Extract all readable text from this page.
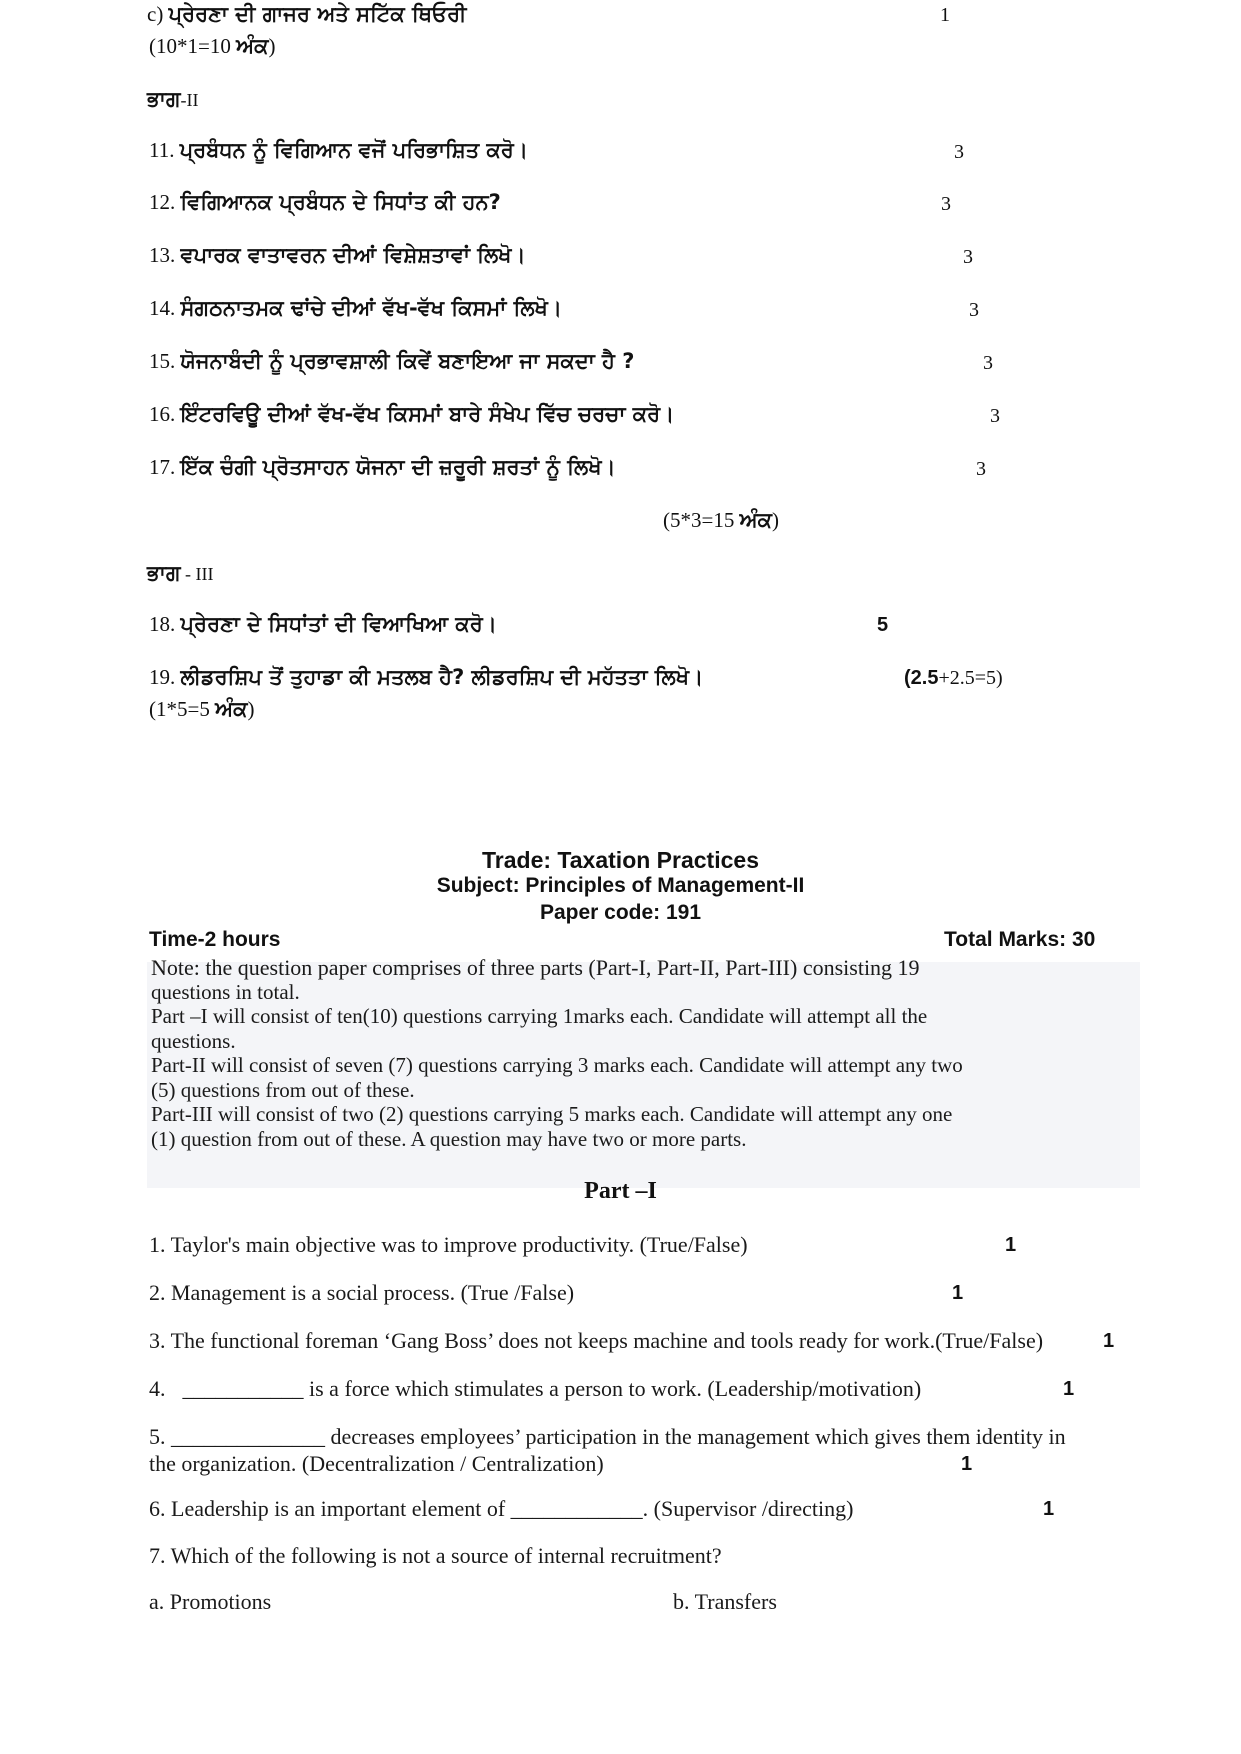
c) ਪ੍ਰੇਰਣਾ ਦੀ ਗਾਜਰ ਅਤੇ ਸਟਿੱਕ ਥਿਓਰੀ	1
(10*1=10 ਅੰਕ)
ਭਾਗ-II
11. ਪ੍ਰਬੰਧਨ ਨੂੰ ਵਿਗਿਆਨ ਵਜੋਂ ਪਰਿਭਾਸ਼ਿਤ ਕਰੋ।	3
12. ਵਿਗਿਆਨਕ ਪ੍ਰਬੰਧਨ ਦੇ ਸਿਧਾਂਤ ਕੀ ਹਨ?	3
13. ਵਪਾਰਕ ਵਾਤਾਵਰਨ ਦੀਆਂ ਵਿਸ਼ੇਸ਼ਤਾਵਾਂ ਲਿਖੋ।	3
14. ਸੰਗਠਨਾਤਮਕ ਢਾਂਚੇ ਦੀਆਂ ਵੱਖ-ਵੱਖ ਕਿਸਮਾਂ ਲਿਖੋ।	3
15. ਯੋਜਨਾਬੰਦੀ ਨੂੰ ਪ੍ਰਭਾਵਸ਼ਾਲੀ ਕਿਵੇਂ ਬਣਾਇਆ ਜਾ ਸਕਦਾ ਹੈ ?	3
16. ਇੰਟਰਵਿਊ ਦੀਆਂ ਵੱਖ-ਵੱਖ ਕਿਸਮਾਂ ਬਾਰੇ ਸੰਖੇਪ ਵਿੱਚ ਚਰਚਾ ਕਰੋ।	3
17. ਇੱਕ ਚੰਗੀ ਪ੍ਰੋਤਸਾਹਨ ਯੋਜਨਾ ਦੀ ਜ਼ਰੂਰੀ ਸ਼ਰਤਾਂ ਨੂੰ ਲਿਖੋ।	3
(5*3=15 ਅੰਕ)
ਭਾਗ - III
18. ਪ੍ਰੇਰਣਾ ਦੇ ਸਿਧਾਂਤਾਂ ਦੀ ਵਿਆਖਿਆ ਕਰੋ।	5
19. ਲੀਡਰਸ਼ਿਪ ਤੋਂ ਤੁਹਾਡਾ ਕੀ ਮਤਲਬ ਹੈ? ਲੀਡਰਸ਼ਿਪ ਦੀ ਮਹੱਤਤਾ ਲਿਖੋ।	(2.5+2.5=5)
(1*5=5 ਅੰਕ)
Trade: Taxation Practices
Subject: Principles of Management-II
Paper code: 191
Time-2 hours	Total Marks: 30
Note: the question paper comprises of three parts (Part-I, Part-II, Part-III) consisting 19
questions in total.
Part –I will consist of ten(10) questions carrying 1marks each. Candidate will attempt all the
questions.
Part-II will consist of seven (7) questions carrying 3 marks each. Candidate will attempt any two
(5) questions from out of these.
Part-III will consist of two (2) questions carrying 5 marks each. Candidate will attempt any one
(1) question from out of these. A question may have two or more parts.
Part –I
1. Taylor's main objective was to improve productivity. (True/False)	1
2. Management is a social process. (True /False)	1
3. The functional foreman ‘Gang Boss’ does not keeps machine and tools ready for work.(True/False)	1
4. ___________ is a force which stimulates a person to work. (Leadership/motivation)	1
5. ______________ decreases employees’ participation in the management which gives them identity in
the organization. (Decentralization / Centralization)	1
6. Leadership is an important element of ____________. (Supervisor /directing)	1
7. Which of the following is not a source of internal recruitment?
a. Promotions	b. Transfers
